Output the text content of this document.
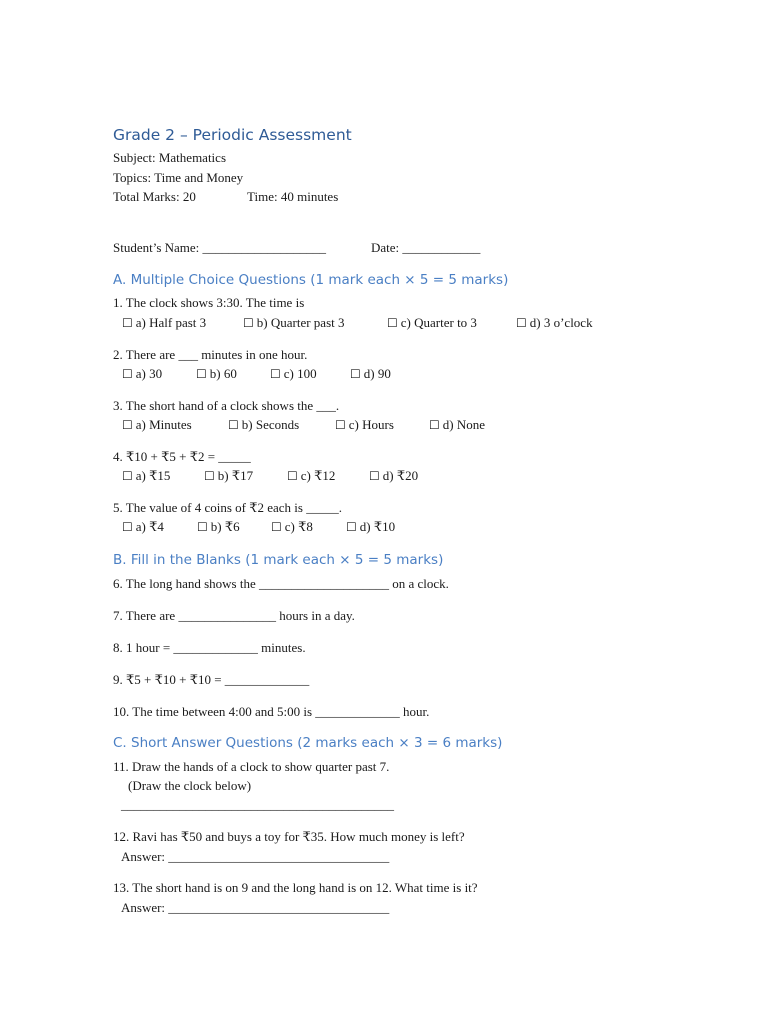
Grade 2 – Periodic Assessment
Subject: Mathematics
Topics: Time and Money
Total Marks: 20	Time: 40 minutes
Student’s Name: ___________________	Date: ____________
A. Multiple Choice Questions (1 mark each × 5 = 5 marks)
1. The clock shows 3:30. The time is
☐ a) Half past 3	☐ b) Quarter past 3	☐ c) Quarter to 3	☐ d) 3 o’clock
2. There are ___ minutes in one hour.
☐ a) 30	☐ b) 60	☐ c) 100	☐ d) 90
3. The short hand of a clock shows the ___.
☐ a) Minutes	☐ b) Seconds	☐ c) Hours	☐ d) None
4. ₹10 + ₹5 + ₹2 = _____
☐ a) ₹15	☐ b) ₹17	☐ c) ₹12	☐ d) ₹20
5. The value of 4 coins of ₹2 each is _____.
☐ a) ₹4	☐ b) ₹6	☐ c) ₹8	☐ d) ₹10
B. Fill in the Blanks (1 mark each × 5 = 5 marks)
6. The long hand shows the ____________________ on a clock.
7. There are _______________ hours in a day.
8. 1 hour = _____________ minutes.
9. ₹5 + ₹10 + ₹10 = _____________
10. The time between 4:00 and 5:00 is _____________ hour.
C. Short Answer Questions (2 marks each × 3 = 6 marks)
11. Draw the hands of a clock to show quarter past 7.
(Draw the clock below)
__________________________________________
12. Ravi has ₹50 and buys a toy for ₹35. How much money is left?
Answer: __________________________________
13. The short hand is on 9 and the long hand is on 12. What time is it?
Answer: __________________________________
